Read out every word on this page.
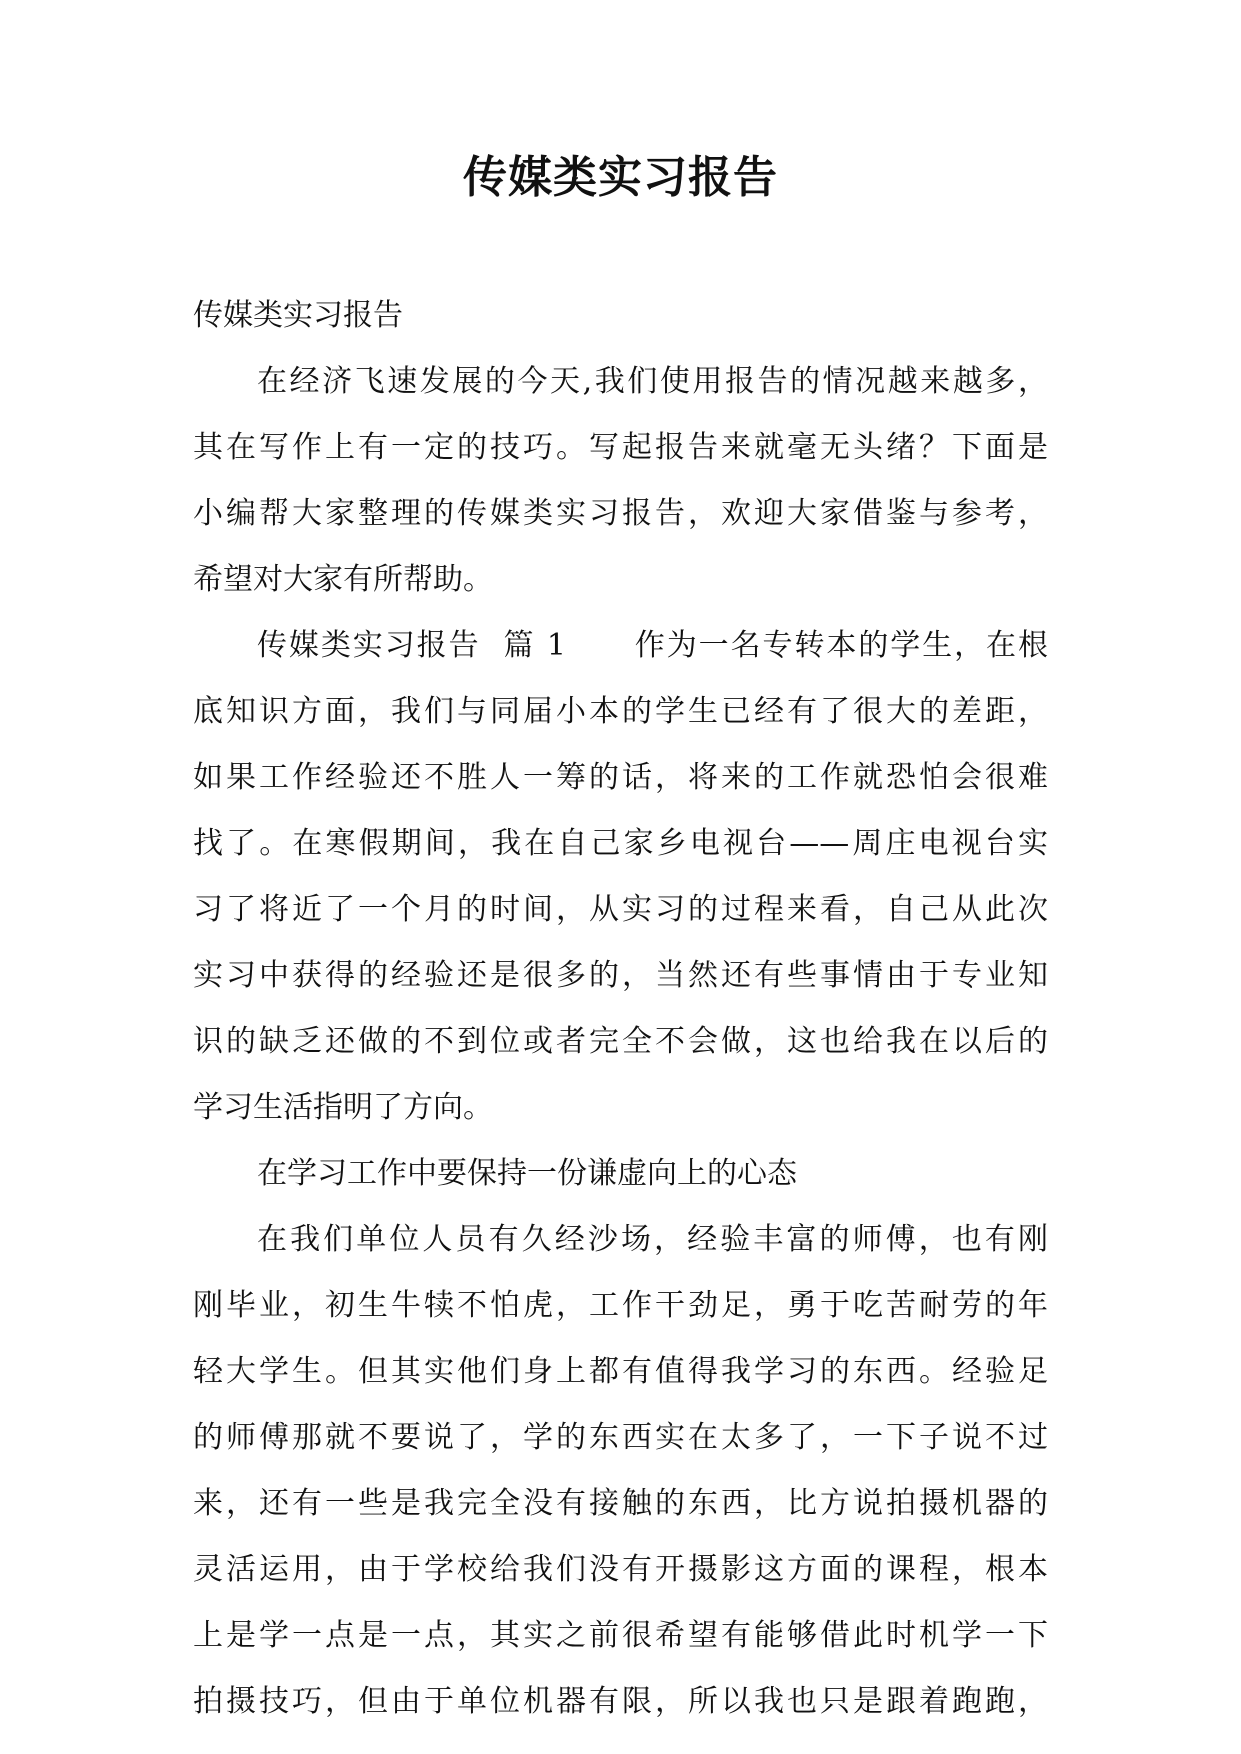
传媒类实习报告
传媒类实习报告
在经济飞速发展的今天,我们使用报告的情况越来越多，
其在写作上有一定的技巧。写起报告来就毫无头绪？下面是
小编帮大家整理的传媒类实习报告，欢迎大家借鉴与参考，
希望对大家有所帮助。
传媒类实习报告  篇 1      作为一名专转本的学生，在根
底知识方面，我们与同届小本的学生已经有了很大的差距，
如果工作经验还不胜人一筹的话，将来的工作就恐怕会很难
找了。在寒假期间，我在自己家乡电视台——周庄电视台实
习了将近了一个月的时间，从实习的过程来看，自己从此次
实习中获得的经验还是很多的，当然还有些事情由于专业知
识的缺乏还做的不到位或者完全不会做，这也给我在以后的
学习生活指明了方向。
在学习工作中要保持一份谦虚向上的心态
在我们单位人员有久经沙场，经验丰富的师傅，也有刚
刚毕业，初生牛犊不怕虎，工作干劲足，勇于吃苦耐劳的年
轻大学生。但其实他们身上都有值得我学习的东西。经验足
的师傅那就不要说了，学的东西实在太多了，一下子说不过
来，还有一些是我完全没有接触的东西，比方说拍摄机器的
灵活运用，由于学校给我们没有开摄影这方面的课程，根本
上是学一点是一点，其实之前很希望有能够借此时机学一下
拍摄技巧，但由于单位机器有限，所以我也只是跟着跑跑，
